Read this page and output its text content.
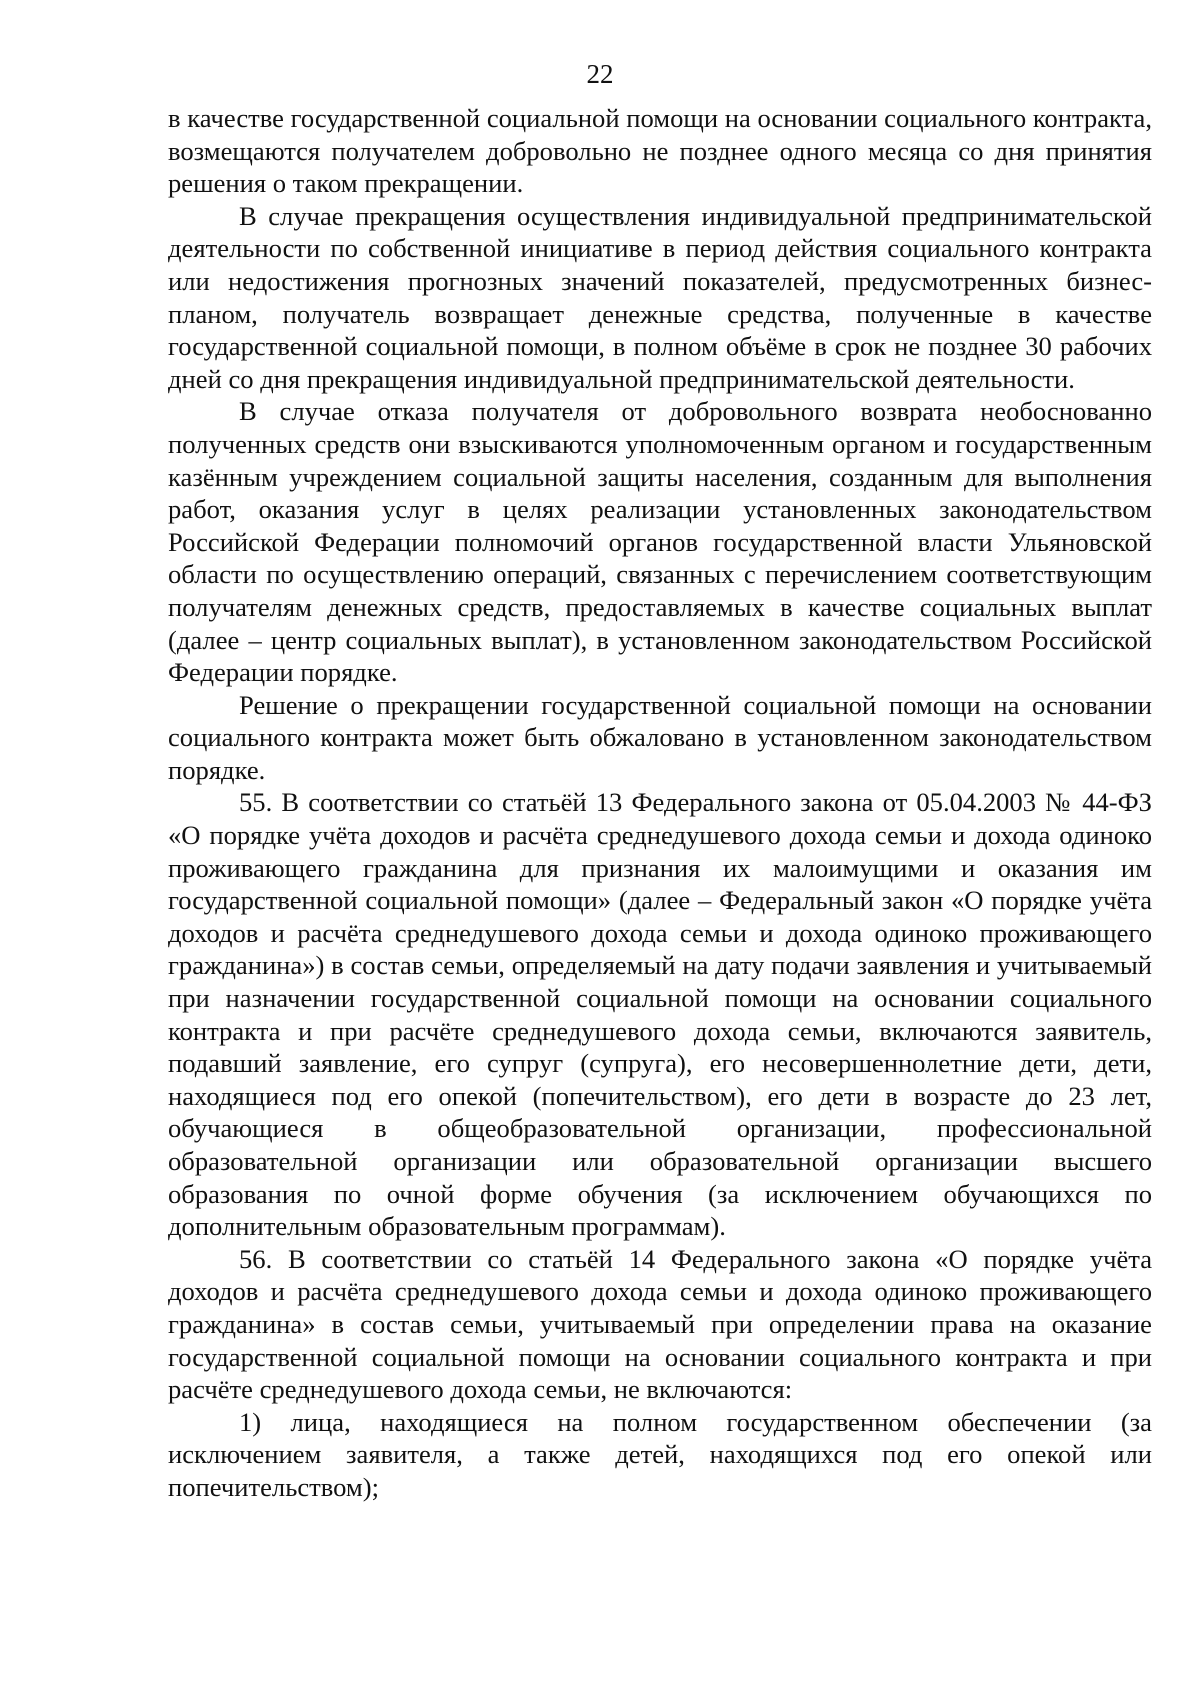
22

в качестве государственной социальной помощи на основании социального контракта, возмещаются получателем добровольно не позднее одного месяца со дня принятия решения о таком прекращении.

В случае прекращения осуществления индивидуальной предпринимательской деятельности по собственной инициативе в период действия социального контракта или недостижения прогнозных значений показателей, предусмотренных бизнес-планом, получатель возвращает денежные средства, полученные в качестве государственной социальной помощи, в полном объёме в срок не позднее 30 рабочих дней со дня прекращения индивидуальной предпринимательской деятельности.

В случае отказа получателя от добровольного возврата необоснованно полученных средств они взыскиваются уполномоченным органом и государственным казённым учреждением социальной защиты населения, созданным для выполнения работ, оказания услуг в целях реализации установленных законодательством Российской Федерации полномочий органов государственной власти Ульяновской области по осуществлению операций, связанных с перечислением соответствующим получателям денежных средств, предоставляемых в качестве социальных выплат (далее – центр социальных выплат), в установленном законодательством Российской Федерации порядке.

Решение о прекращении государственной социальной помощи на основании социального контракта может быть обжаловано в установленном законодательством порядке.

55. В соответствии со статьёй 13 Федерального закона от 05.04.2003 № 44-ФЗ «О порядке учёта доходов и расчёта среднедушевого дохода семьи и дохода одиноко проживающего гражданина для признания их малоимущими и оказания им государственной социальной помощи» (далее – Федеральный закон «О порядке учёта доходов и расчёта среднедушевого дохода семьи и дохода одиноко проживающего гражданина») в состав семьи, определяемый на дату подачи заявления и учитываемый при назначении государственной социальной помощи на основании социального контракта и при расчёте среднедушевого дохода семьи, включаются заявитель, подавший заявление, его супруг (супруга), его несовершеннолетние дети, дети, находящиеся под его опекой (попечительством), его дети в возрасте до 23 лет, обучающиеся в общеобразовательной организации, профессиональной образовательной организации или образовательной организации высшего образования по очной форме обучения (за исключением обучающихся по дополнительным образовательным программам).

56. В соответствии со статьёй 14 Федерального закона «О порядке учёта доходов и расчёта среднедушевого дохода семьи и дохода одиноко проживающего гражданина» в состав семьи, учитываемый при определении права на оказание государственной социальной помощи на основании социального контракта и при расчёте среднедушевого дохода семьи, не включаются:

1) лица, находящиеся на полном государственном обеспечении (за исключением заявителя, а также детей, находящихся под его опекой или попечительством);
